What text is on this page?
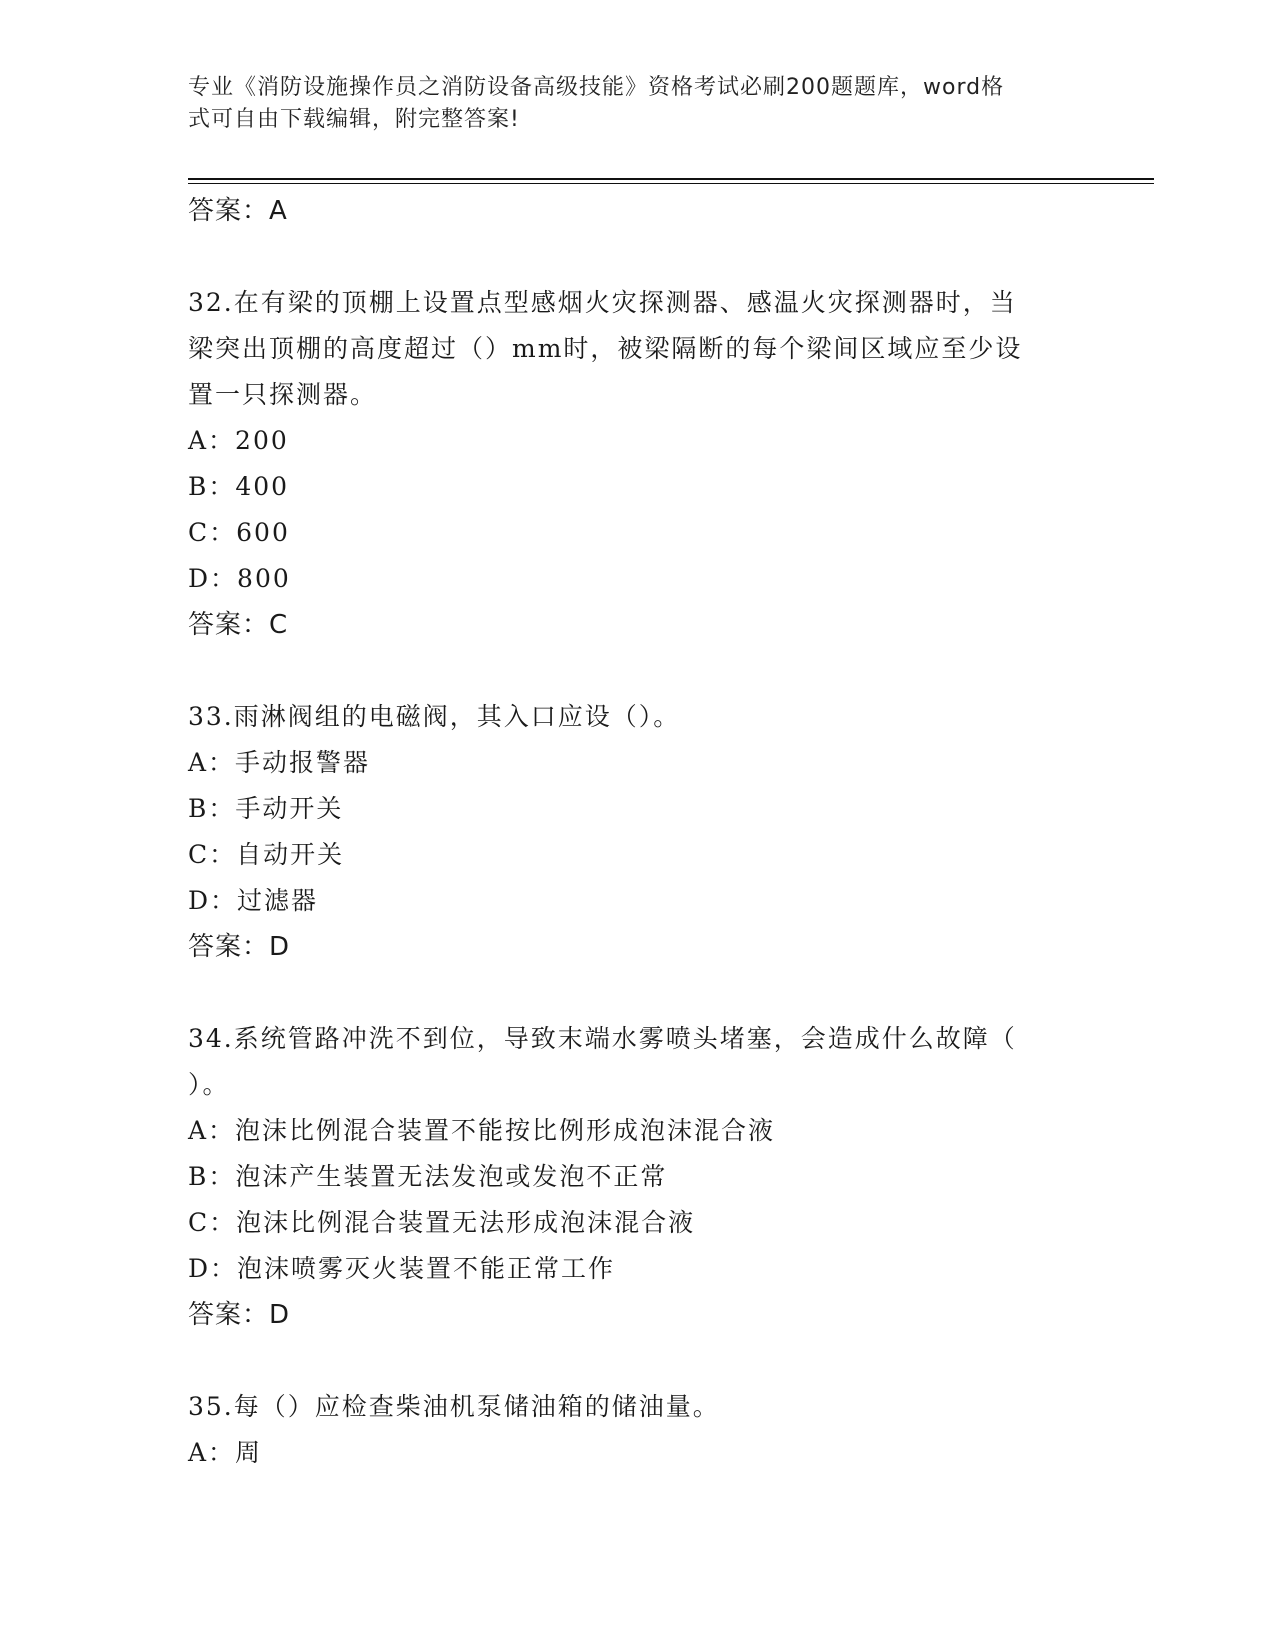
专业《消防设施操作员之消防设备高级技能》资格考试必刷200题题库，word格
式可自由下载编辑，附完整答案!
答案：A
32.在有梁的顶棚上设置点型感烟火灾探测器、感温火灾探测器时，当
梁突出顶棚的高度超过（）mm时，被梁隔断的每个梁间区域应至少设
置一只探测器。
A：200
B：400
C：600
D：800
答案：C
33.雨淋阀组的电磁阀，其入口应设（）。
A：手动报警器
B：手动开关
C：自动开关
D：过滤器
答案：D
34.系统管路冲洗不到位，导致末端水雾喷头堵塞，会造成什么故障（
）。
A：泡沫比例混合装置不能按比例形成泡沫混合液
B：泡沫产生装置无法发泡或发泡不正常
C：泡沫比例混合装置无法形成泡沫混合液
D：泡沫喷雾灭火装置不能正常工作
答案：D
35.每（）应检查柴油机泵储油箱的储油量。
A：周
